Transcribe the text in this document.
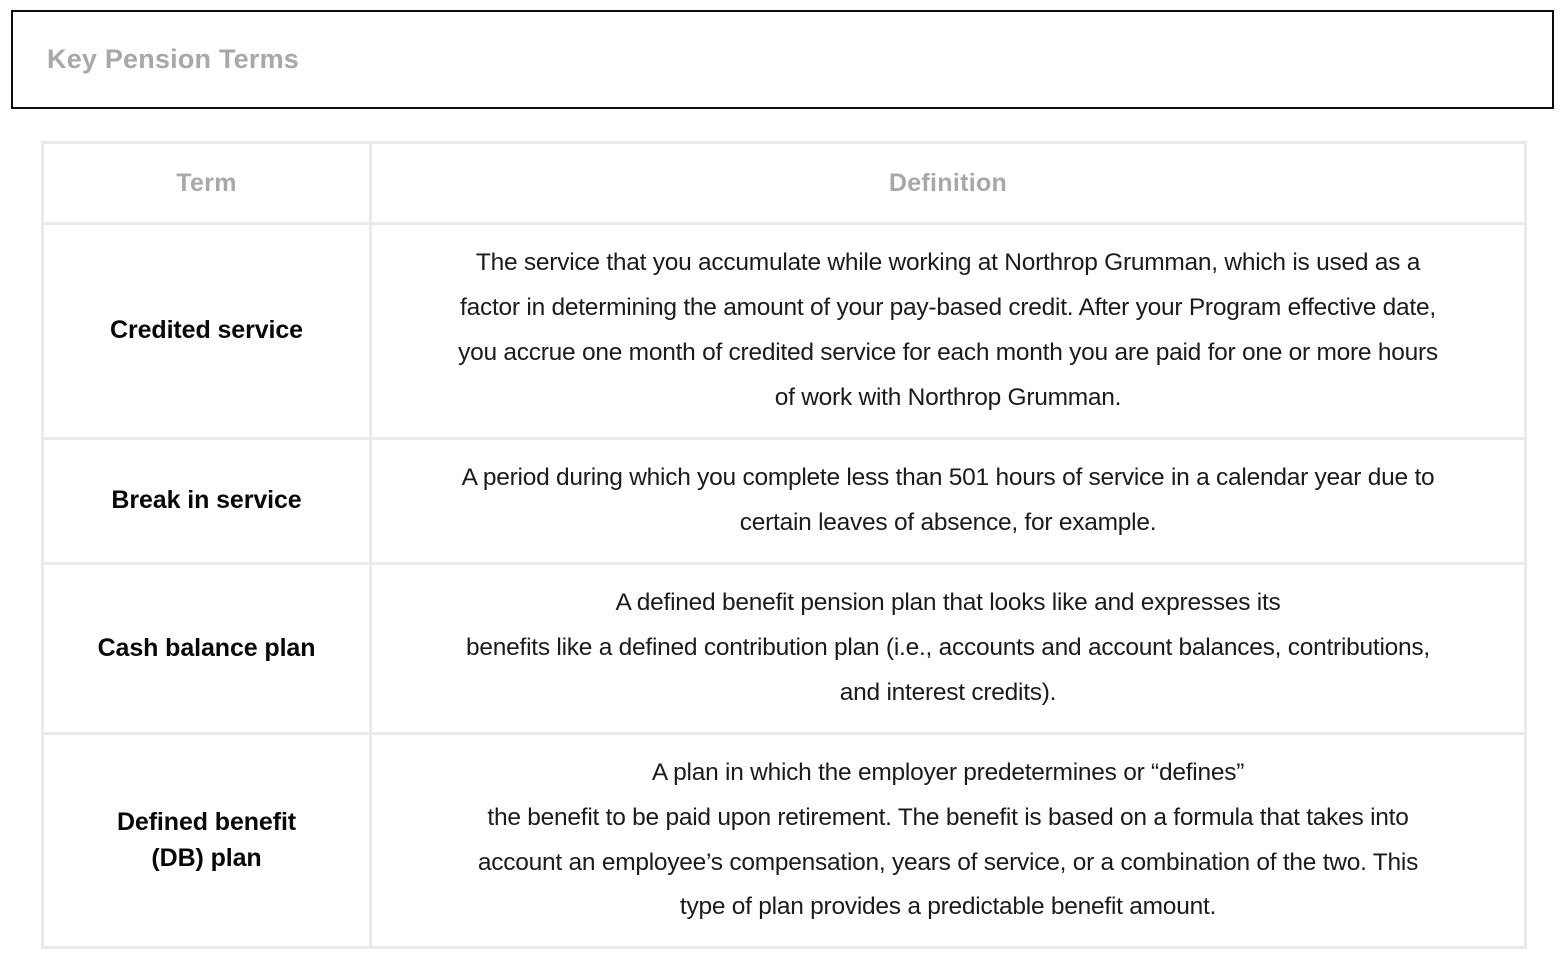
Key Pension Terms
Term	Definition

Credited service	The service that you accumulate while working at Northrop Grumman, which is used as a
factor in determining the amount of your pay-based credit. After your Program effective date,
you accrue one month of credited service for each month you are paid for one or more hours
of work with Northrop Grumman.

Break in service	A period during which you complete less than 501 hours of service in a calendar year due to
certain leaves of absence, for example.

Cash balance plan	A defined benefit pension plan that looks like and expresses its
benefits like a defined contribution plan (i.e., accounts and account balances, contributions,
and interest credits).

Defined benefit
(DB) plan	A plan in which the employer predetermines or “defines”
the benefit to be paid upon retirement. The benefit is based on a formula that takes into
account an employee’s compensation, years of service, or a combination of the two. This
type of plan provides a predictable benefit amount.
